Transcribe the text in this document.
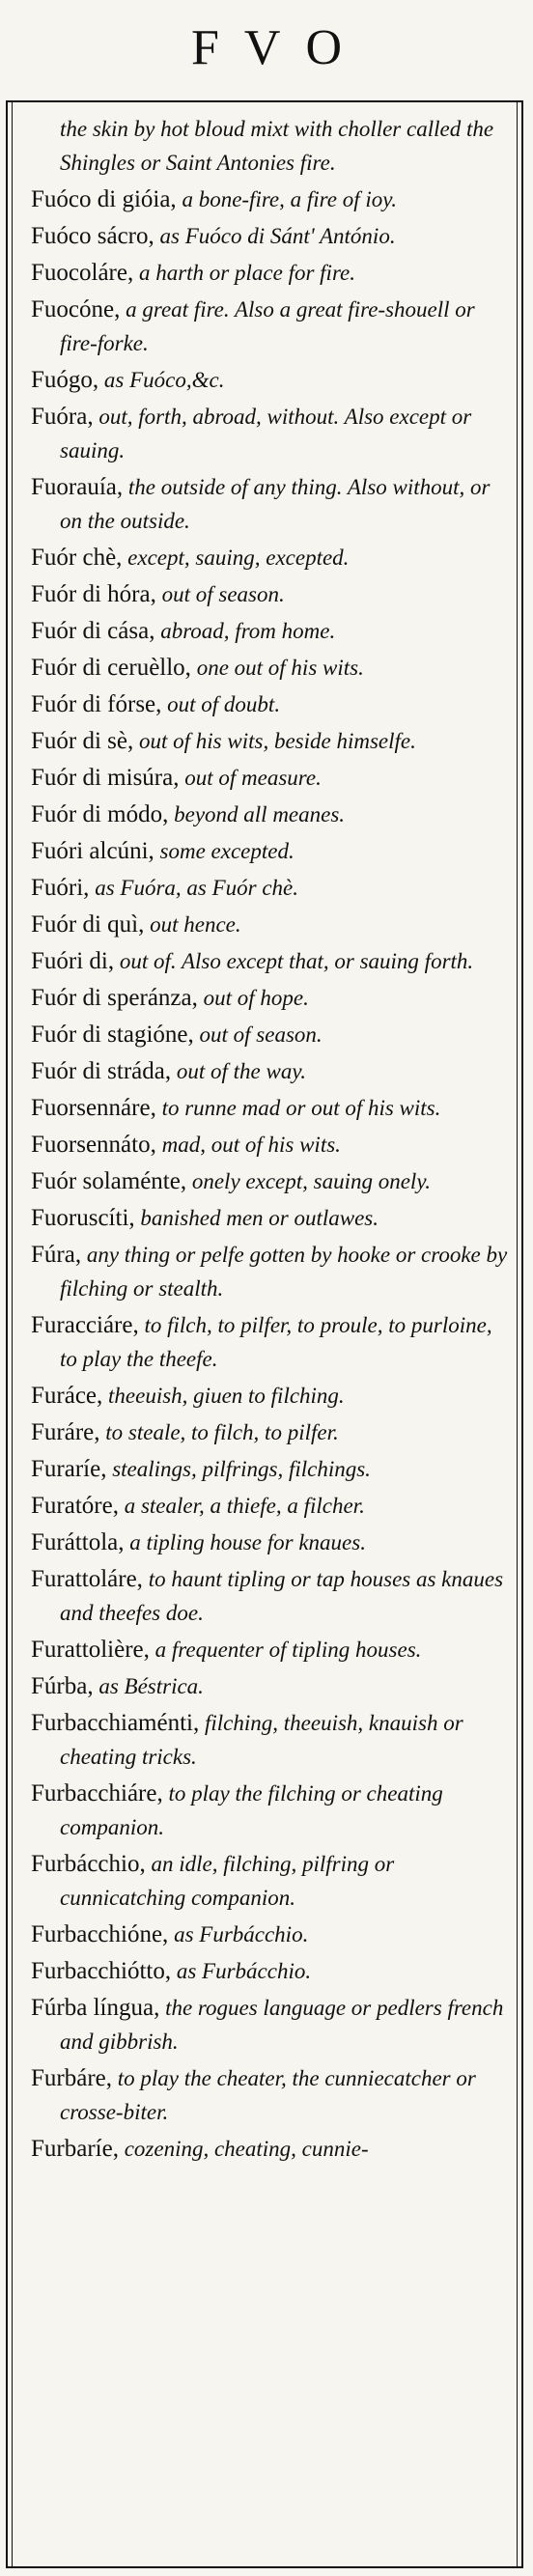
FVO
the skin by hot bloud mixt with choller called the Shingles or Saint Antonies fire.
Fuóco di gióia, a bone-fire, a fire of ioy.
Fuóco sácro, as Fuóco di Sánt' António.
Fuocoláre, a harth or place for fire.
Fuocóne, a great fire. Also a great fire-shouell or fire-forke.
Fuógo, as Fuóco,&c.
Fuóra, out, forth, abroad, without. Also except or sauing.
Fuorauía, the outside of any thing. Also without, or on the outside.
Fuór chè, except, sauing, excepted.
Fuór di hóra, out of season.
Fuór di cása, abroad, from home.
Fuór di ceruèllo, one out of his wits.
Fuór di fórse, out of doubt.
Fuór di sè, out of his wits, beside himselfe.
Fuór di misúra, out of measure.
Fuór di módo, beyond all meanes.
Fuóri alcúni, some excepted.
Fuóri, as Fuóra, as Fuór chè.
Fuór di quì, out hence.
Fuóri di, out of. Also except that, or sauing forth.
Fuór di speránza, out of hope.
Fuór di stagióne, out of season.
Fuór di stráda, out of the way.
Fuorsennáre, to runne mad or out of his wits.
Fuorsennáto, mad, out of his wits.
Fuór solaménte, onely except, sauing onely.
Fuoruscíti, banished men or outlawes.
Fúra, any thing or pelfe gotten by hooke or crooke by filching or stealth.
Furacciáre, to filch, to pilfer, to proule, to purloine, to play the theefe.
Furáce, theeuish, giuen to filching.
Furáre, to steale, to filch, to pilfer.
Furaríe, stealings, pilfrings, filchings.
Furatóre, a stealer, a thiefe, a filcher.
Furáttola, a tipling house for knaues.
Furattoláre, to haunt tipling or tap houses as knaues and theefes doe.
Furattolière, a frequenter of tipling houses.
Fúrba, as Béstrica.
Furbacchiaménti, filching, theeuish, knauish or cheating tricks.
Furbacchiáre, to play the filching or cheating companion.
Furbácchio, an idle, filching, pilfring or cunnicatching companion.
Furbacchióne, as Furbácchio.
Furbacchiótto, as Furbácchio.
Fúrba língua, the rogues language or pedlers french and gibbrish.
Furbáre, to play the cheater, the cunniecatcher or crosse-biter.
Furbaríe, cozening, cheating, cunnie-
